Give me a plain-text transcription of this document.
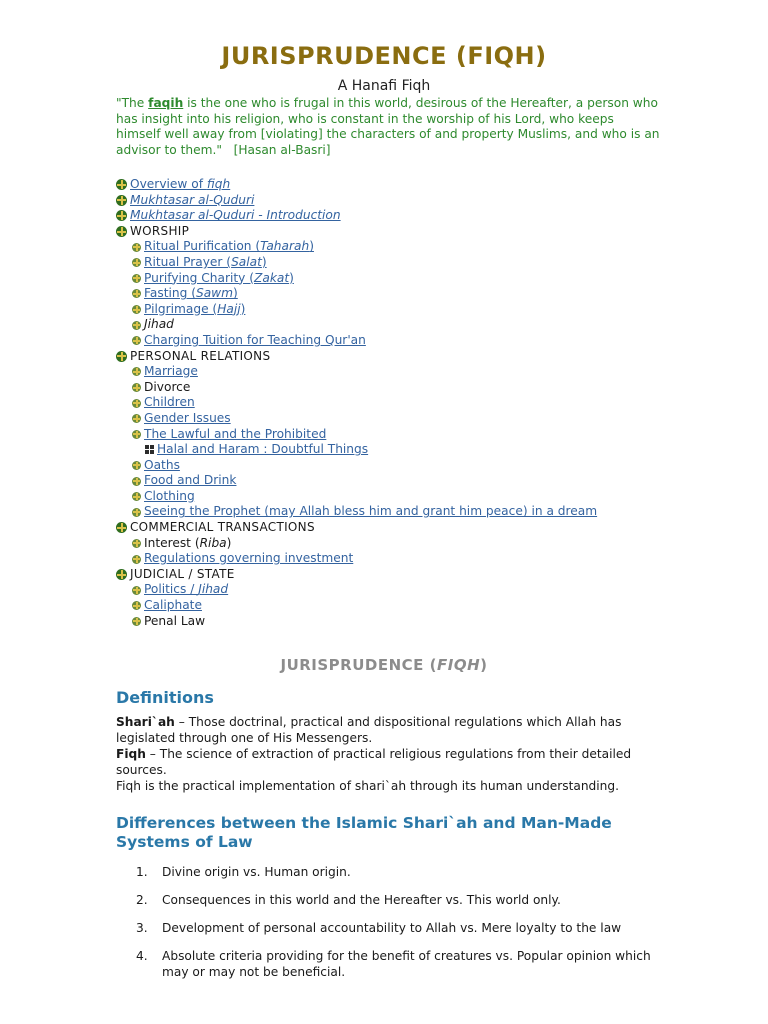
JURISPRUDENCE (FIQH)
A Hanafi Fiqh
"The faqih is the one who is frugal in this world, desirous of the Hereafter, a person who has insight into his religion, who is constant in the worship of his Lord, who keeps himself well away from [violating] the characters of and property Muslims, and who is an advisor to them." [Hasan al-Basri]
Overview of fiqh
Mukhtasar al-Quduri
Mukhtasar al-Quduri - Introduction
WORSHIP
Ritual Purification (Taharah)
Ritual Prayer (Salat)
Purifying Charity (Zakat)
Fasting (Sawm)
Pilgrimage (Hajj)
Jihad
Charging Tuition for Teaching Qur'an
PERSONAL RELATIONS
Marriage
Divorce
Children
Gender Issues
The Lawful and the Prohibited
Halal and Haram : Doubtful Things
Oaths
Food and Drink
Clothing
Seeing the Prophet (may Allah bless him and grant him peace) in a dream
COMMERCIAL TRANSACTIONS
Interest (Riba)
Regulations governing investment
JUDICIAL / STATE
Politics / Jihad
Caliphate
Penal Law
JURISPRUDENCE (FIQH)
Definitions

Shari`ah – Those doctrinal, practical and dispositional regulations which Allah has legislated through one of His Messengers.

Fiqh – The science of extraction of practical religious regulations from their detailed sources.

Fiqh is the practical implementation of shari`ah through its human understanding.

Differences between the Islamic Shari`ah and Man-Made Systems of Law
1.	Divine origin vs. Human origin.
2.	Consequences in this world and the Hereafter vs. This world only.
3.	Development of personal accountability to Allah vs. Mere loyalty to the law
4.	Absolute criteria providing for the benefit of creatures vs. Popular opinion which may or may not be beneficial.
